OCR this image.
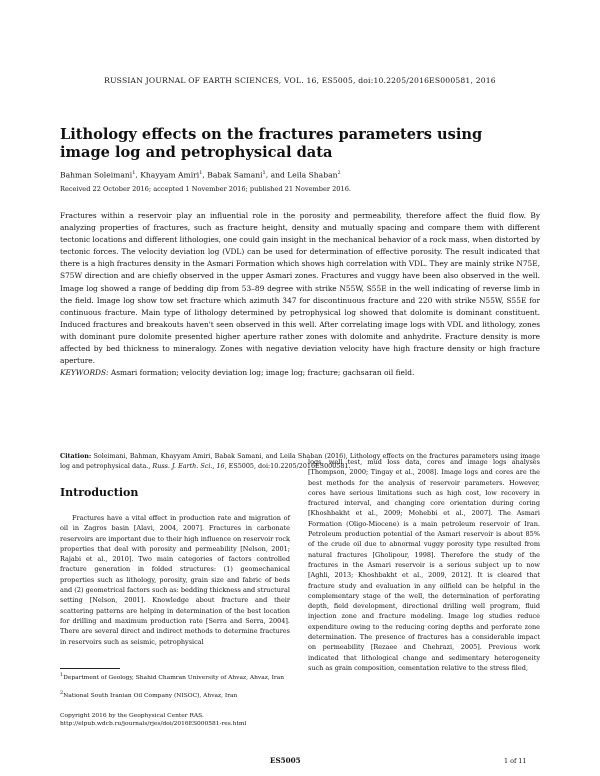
RUSSIAN JOURNAL OF EARTH SCIENCES, VOL. 16, ES5005, doi:10.2205/2016ES000581, 2016
Lithology effects on the fractures parameters using image log and petrophysical data
Bahman Soleimani$^1$, Khayyam Amiri$^1$, Babak Samani$^1$, and Leila Shaban$^2$
Received 22 October 2016; accepted 1 November 2016; published 21 November 2016.
Fractures within a reservoir play an influential role in the porosity and permeability, therefore affect the fluid flow. By analyzing properties of fractures, such as fracture height, density and mutually spacing and compare them with different tectonic locations and different lithologies, one could gain insight in the mechanical behavior of a rock mass, when distorted by tectonic forces. The velocity deviation log (VDL) can be used for determination of effective porosity. The result indicated that there is a high fractures density in the Asmari Formation which shows high correlation with VDL. They are mainly strike N75E, S75W direction and are chiefly observed in the upper Asmari zones. Fractures and vuggy have been also observed in the well. Image log showed a range of bedding dip from 53–89 degree with strike N55W, S55E in the well indicating of reverse limb in the field. Image log show tow set fracture which azimuth 347 for discontinuous fracture and 220 with strike N55W, S55E for continuous fracture. Main type of lithology determined by petrophysical log showed that dolomite is dominant constituent. Induced fractures and breakouts haven't seen observed in this well. After correlating image logs with VDL and lithology, zones with dominant pure dolomite presented higher aperture rather zones with dolomite and anhydrite. Fracture density is more affected by bed thickness to mineralogy. Zones with negative deviation velocity have high fracture density or high fracture aperture.
KEYWORDS: Asmari formation; velocity deviation log; image log; fracture; gachsaran oil field.
Citation: Soleimani, Bahman, Khayyam Amiri, Babak Samani, and Leila Shaban (2016), Lithology effects on the fractures parameters using image log and petrophysical data., Russ. J. Earth. Sci., 16, ES5005, doi:10.2205/2016ES000581.
Introduction
Fractures have a vital effect in production rate and migration of oil in Zagros basin [Alavi, 2004, 2007]. Fractures in carbonate reservoirs are important due to their high influence on reservoir rock properties that deal with porosity and permeability [Nelson, 2001; Rajabi et al., 2010]. Two main categories of factors controlled fracture generation in folded structures: (1) geomechanical properties such as lithology, porosity, grain size and fabric of beds and (2) geometrical factors such as: bedding thickness and structural setting [Nelson, 2001]. Knowledge about fracture and their scattering patterns are helping in determination of the best location for drilling and maximum production rate [Serra and Serra, 2004]. There are several direct and indirect methods to determine fractures in reservoirs such as seismic, petrophysical
logs, well test, mud loss data, cores and image logs analyses [Thompson, 2000; Tingay et al., 2008]. Image logs and cores are the best methods for the analysis of reservoir parameters. However, cores have serious limitations such as high cost, low recovery in fractured interval, and changing core orientation during coring [Khoshbakht et al., 2009; Mohebbi et al., 2007]. The Asmari Formation (Oligo-Miocene) is a main petroleum reservoir of Iran. Petroleum production potential of the Asmari reservoir is about 85% of the crude oil due to abnormal vuggy porosity type resulted from natural fractures [Gholipour, 1998]. Therefore the study of the fractures in the Asmari reservoir is a serious subject up to now [Aghli, 2013; Khoshbakht et al., 2009, 2012]. It is cleared that fracture study and evaluation in any oilfield can be helpful in the complementary stage of the well, the determination of perforating depth, field development, directional drilling well program, fluid injection zone and fracture modeling. Image log studies reduce expenditure owing to the reducing coring depths and perforate zone determination. The presence of fractures has a considerable impact on permeability [Rezaee and Chehrazi, 2005]. Previous work indicated that lithological change and sedimentary heterogeneity such as grain composition, cementation relative to the stress filed,
$^1$Department of Geology, Shahid Chamran University of Ahvaz, Ahvaz, Iran
$^2$National South Iranian Oil Company (NISOC), Ahvaz, Iran
Copyright 2016 by the Geophysical Center RAS.
http://elpub.wdcb.ru/journals/rjes/doi/2016ES000581-res.html
ES5005	1 of 11
